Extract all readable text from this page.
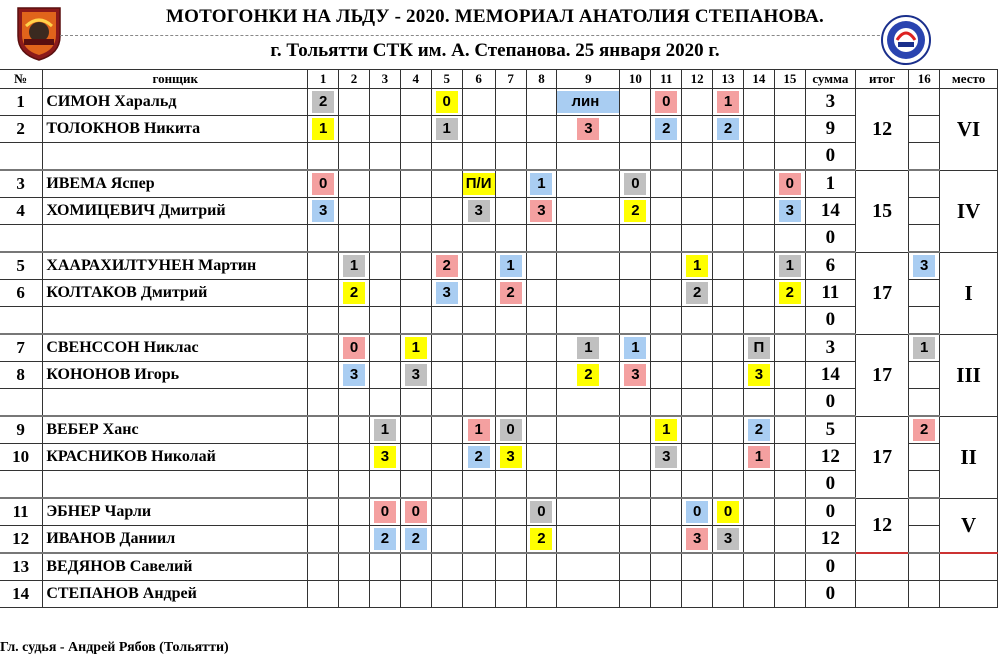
МОТОГОНКИ НА ЛЬДУ - 2020. МЕМОРИАЛ АНАТОЛИЯ СТЕПАНОВА.
г. Тольятти СТК им. А. Степанова. 25 января 2020 г.
№	гонщик	1	2	3	4	5	6	7	8	9	10	11	12	13	14	15	сумма	итог	16	место
1	СИМОН Харальд	2				0				лин		0		1			3	12		VI
2	ТОЛОКНОВ Никита	1				1				3		2		2			9			
																	0			
3	ИВЕМА Яспер	0					П/И		1		0					0	1	15		IV
4	ХОМИЦЕВИЧ Дмитрий	3					3		3		2					3	14			
																	0			
5	ХААРАХИЛТУНЕН Мартин		1			2		1					1			1	6	17	3	I
6	КОЛТАКОВ Дмитрий		2			3		2					2			2	11			
																	0			
7	СВЕНССОН Никлас		0		1					1	1				П		3	17	1	III
8	КОНОНОВ Игорь		3		3					2	3				3		14			
																	0			
9	ВЕБЕР Ханс			1			1	0				1			2		5	17	2	II
10	КРАСНИКОВ Николай			3			2	3				3			1		12			
																	0			
11	ЭБНЕР Чарли			0	0				0				0	0			0	12		V
12	ИВАНОВ Даниил			2	2				2				3	3			12			
13	ВЕДЯНОВ Савелий																0			
14	СТЕПАНОВ Андрей																0			
Гл. судья - Андрей Рябов (Тольятти)
